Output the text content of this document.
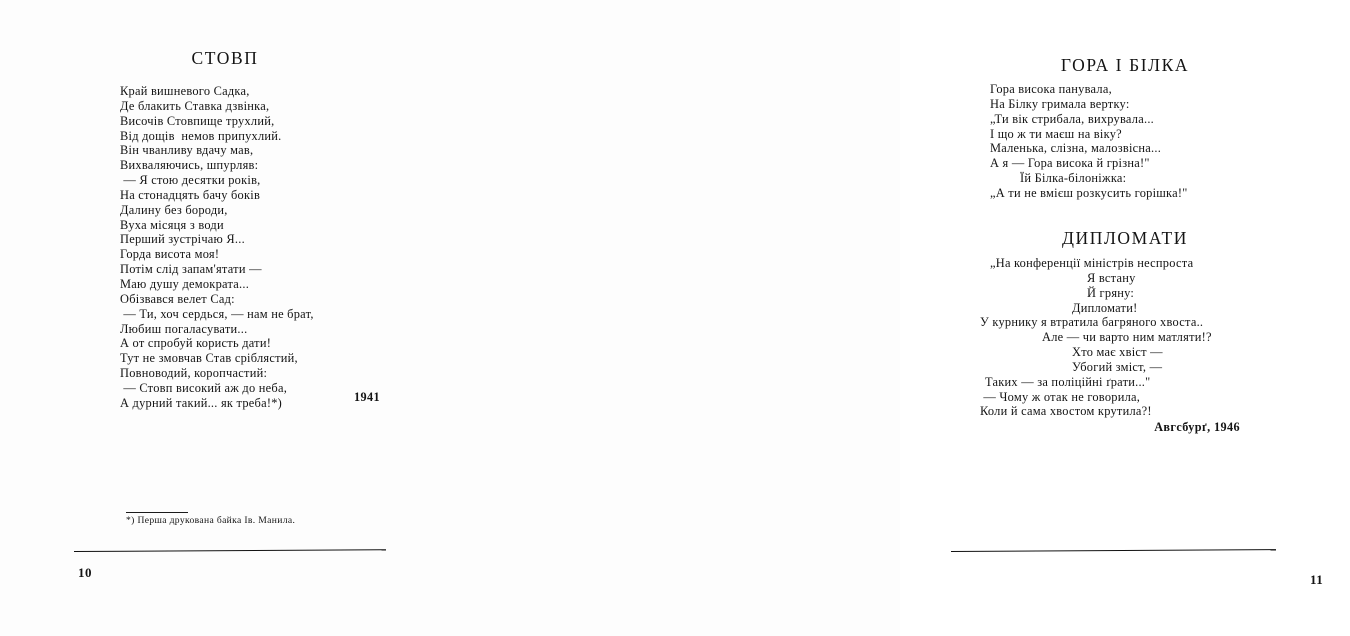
СТОВП
Край вишневого Садка,
Де блакить Ставка дзвінка,
Височів Стовпище трухлий,
Від дощів  немов припухлий.
Він чванливу вдачу мав,
Вихваляючись, шпурляв:
— Я стою десятки років,
На стонадцять бачу боків
Далину без бороди,
Вуха місяця з води
Перший зустрічаю Я...
Горда висота моя!
Потім слід запам'ятати —
Маю душу демократа...
Обізвався велет Сад:
— Ти, хоч сердься, — нам не брат,
Любиш погаласувати...
А от спробуй користь дати!
Тут не змовчав Став сріблястий,
Повноводий, коропчастий:
— Стовп високий аж до неба,
А дурний такий... як треба!*)	1941
*) Перша друкована байка Ів. Манила.
10
ГОРА І БІЛКА
Гора висока панувала,
На Білку гримала вертку:
„Ти вік стрибала, вихрувала...
І що ж ти маєш на віку?
Маленька, слізна, малозвісна...
А я — Гора висока й грізна!"
Їй Білка-білоніжка:
„А ти не вмієш розкусить горішка!"
ДИПЛОМАТИ
„На конференції міністрів неспроста
Я встану
Й гряну:
Дипломати!
У курнику я втратила багряного хвоста..
Але — чи варто ним матляти!?
Хто має хвіст —
Убогий зміст, —
Таких — за поліційні ґрати..."
— Чому ж отак не говорила,
Коли й сама хвостом крутила?!
Авгсбурґ, 1946
11
